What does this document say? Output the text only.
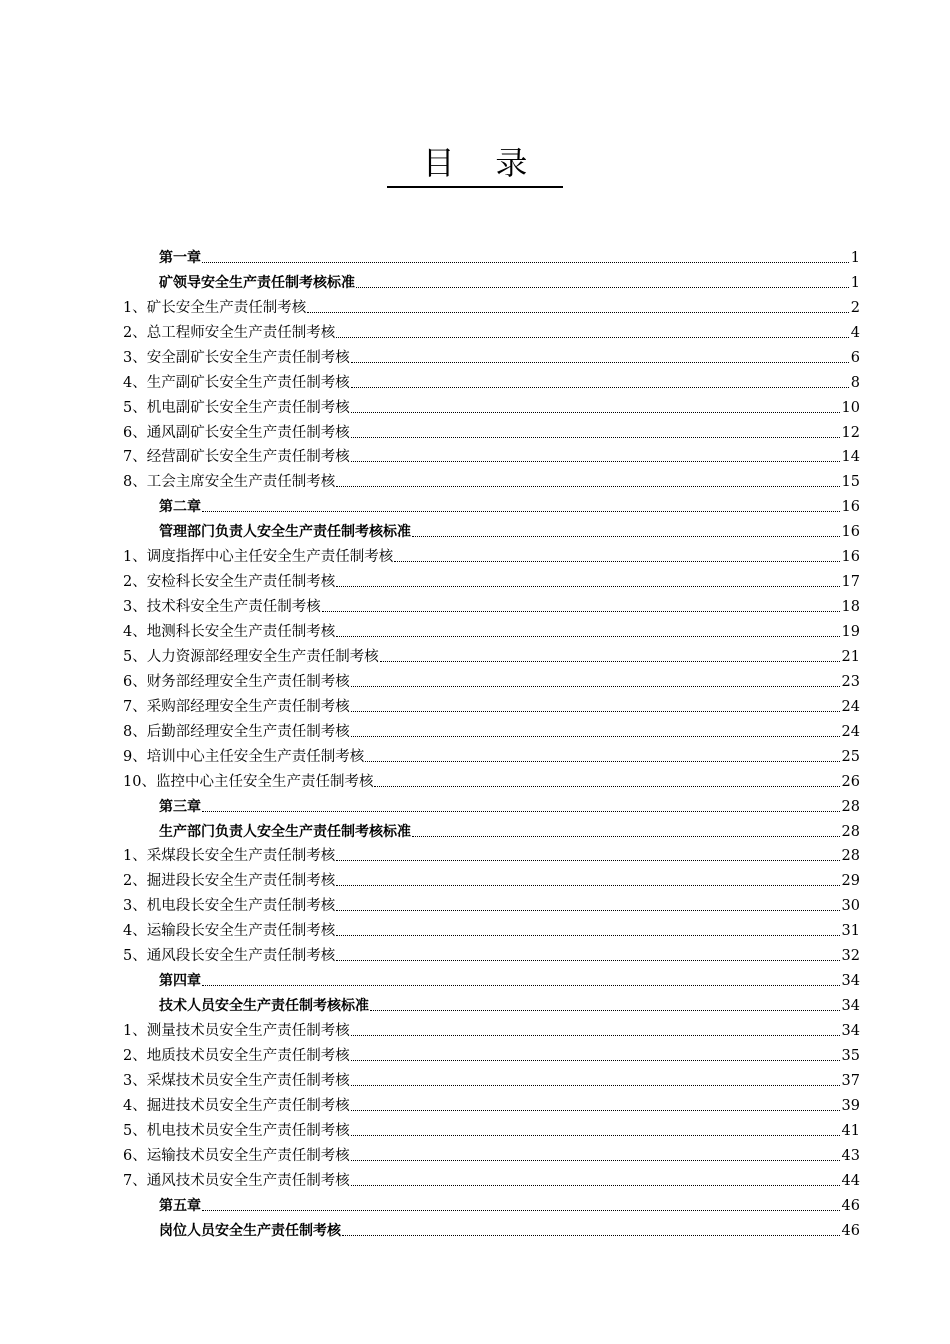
目    录
第一章	1
矿领导安全生产责任制考核标准	1
1、 矿长安全生产责任制考核	2
2、 总工程师安全生产责任制考核	4
3、 安全副矿长安全生产责任制考核	6
4、 生产副矿长安全生产责任制考核	8
5、 机电副矿长安全生产责任制考核	10
6、 通风副矿长安全生产责任制考核	12
7、 经营副矿长安全生产责任制考核	14
8、 工会主席安全生产责任制考核	15
第二章	16
管理部门负责人安全生产责任制考核标准	16
1、 调度指挥中心主任安全生产责任制考核	16
2、 安检科长安全生产责任制考核	17
3、 技术科安全生产责任制考核	18
4、 地测科长安全生产责任制考核	19
5、 人力资源部经理安全生产责任制考核	21
6、 财务部经理安全生产责任制考核	23
7、 采购部经理安全生产责任制考核	24
8、 后勤部经理安全生产责任制考核	24
9、 培训中心主任安全生产责任制考核	25
10、 监控中心主任安全生产责任制考核	26
第三章	28
生产部门负责人安全生产责任制考核标准	28
1、 采煤段长安全生产责任制考核	28
2、 掘进段长安全生产责任制考核	29
3、 机电段长安全生产责任制考核	30
4、 运输段长安全生产责任制考核	31
5、 通风段长安全生产责任制考核	32
第四章	34
技术人员安全生产责任制考核标准	34
1、 测量技术员安全生产责任制考核	34
2、 地质技术员安全生产责任制考核	35
3、 采煤技术员安全生产责任制考核	37
4、 掘进技术员安全生产责任制考核	39
5、 机电技术员安全生产责任制考核	41
6、 运输技术员安全生产责任制考核	43
7、 通风技术员安全生产责任制考核	44
第五章	46
岗位人员安全生产责任制考核	46
